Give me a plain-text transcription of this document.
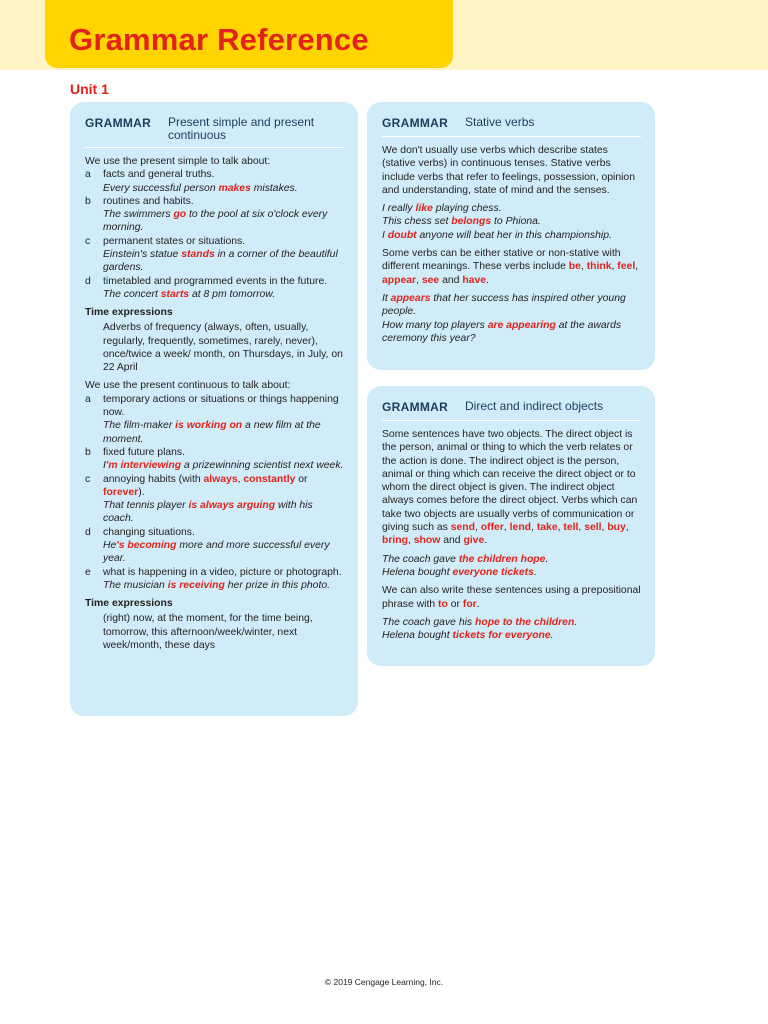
Grammar Reference
Unit 1
GRAMMAR	Present simple and present continuous

We use the present simple to talk about:

a	facts and general truths.

Every successful person makes mistakes.

b	routines and habits.

The swimmers go to the pool at six o'clock every morning.

c	permanent states or situations.

Einstein's statue stands in a corner of the beautiful gardens.

d	timetabled and programmed events in the future.

The concert starts at 8 pm tomorrow.

Time expressions

Adverbs of frequency (always, often, usually, regularly, frequently, sometimes, rarely, never), once/twice a week/ month, on Thursdays, in July, on 22 April

We use the present continuous to talk about:

a	temporary actions or situations or things happening now.

The film-maker is working on a new film at the moment.

b	fixed future plans.

I'm interviewing a prizewinning scientist next week.

c	annoying habits (with always, constantly or forever).

That tennis player is always arguing with his coach.

d	changing situations.

He's becoming more and more successful every year.

e	what is happening in a video, picture or photograph.

The musician is receiving her prize in this photo.

Time expressions

(right) now, at the moment, for the time being, tomorrow, this afternoon/week/winter, next week/month, these days

GRAMMAR	Stative verbs

We don't usually use verbs which describe states (stative verbs) in continuous tenses. Stative verbs include verbs that refer to feelings, possession, opinion and understanding, state of mind and the senses.

I really like playing chess.

This chess set belongs to Phiona.

I doubt anyone will beat her in this championship.

Some verbs can be either stative or non-stative with different meanings. These verbs include be, think, feel, appear, see and have.

It appears that her success has inspired other young people.

How many top players are appearing at the awards ceremony this year?

GRAMMAR	Direct and indirect objects

Some sentences have two objects. The direct object is the person, animal or thing to which the verb relates or the action is done. The indirect object is the person, animal or thing which can receive the direct object or to whom the direct object is given. The indirect object always comes before the direct object. Verbs which can take two objects are usually verbs of communication or giving such as send, offer, lend, take, tell, sell, buy, bring, show and give.

The coach gave the children hope.

Helena bought everyone tickets.

We can also write these sentences using a prepositional phrase with to or for.

The coach gave his hope to the children.

Helena bought tickets for everyone.

© 2019 Cengage Learning, Inc.
